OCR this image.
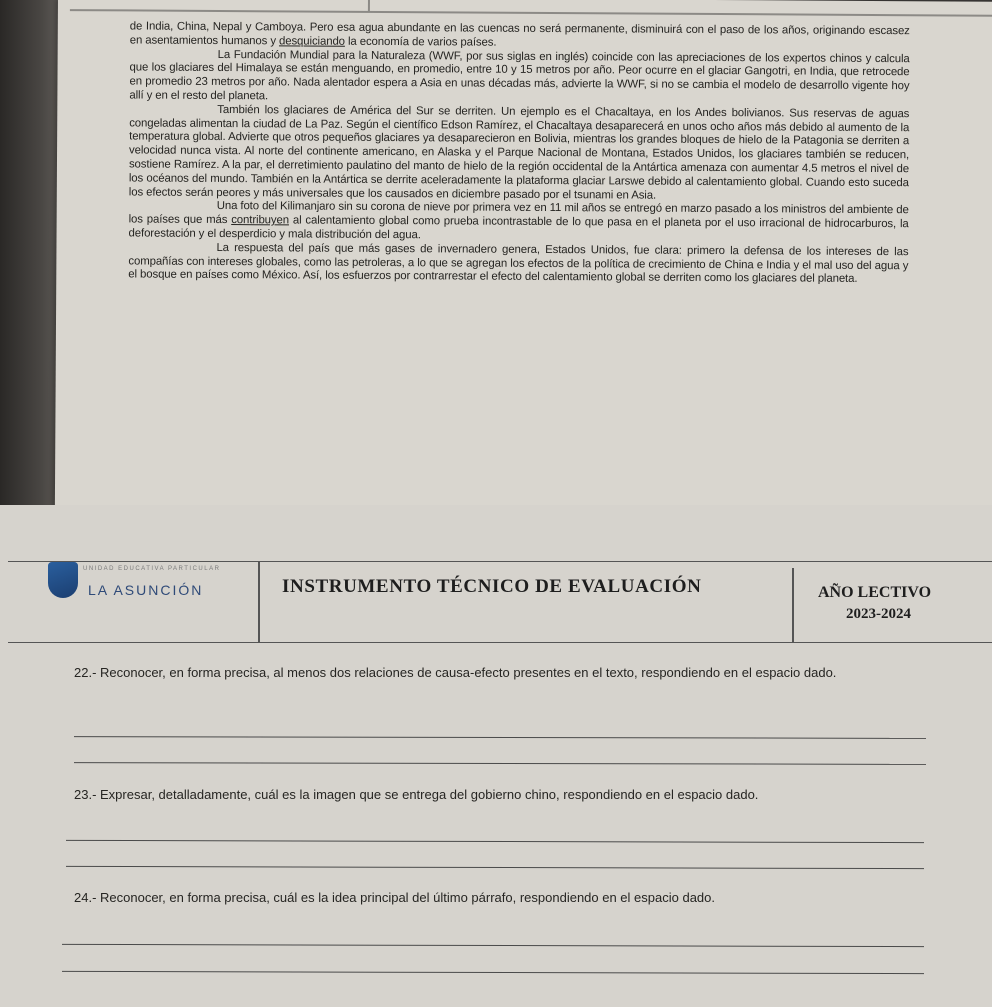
de India, China, Nepal y Camboya. Pero esa agua abundante en las cuencas no será permanente, disminuirá con el paso de los años, originando escasez en asentamientos humanos y desquiciando la economía de varios países.

La Fundación Mundial para la Naturaleza (WWF, por sus siglas en inglés) coincide con las apreciaciones de los expertos chinos y calcula que los glaciares del Himalaya se están menguando, en promedio, entre 10 y 15 metros por año. Peor ocurre en el glaciar Gangotri, en India, que retrocede en promedio 23 metros por año. Nada alentador espera a Asia en unas décadas más, advierte la WWF, si no se cambia el modelo de desarrollo vigente hoy allí y en el resto del planeta.

También los glaciares de América del Sur se derriten. Un ejemplo es el Chacaltaya, en los Andes bolivianos. Sus reservas de aguas congeladas alimentan la ciudad de La Paz. Según el científico Edson Ramírez, el Chacaltaya desaparecerá en unos ocho años más debido al aumento de la temperatura global. Advierte que otros pequeños glaciares ya desaparecieron en Bolivia, mientras los grandes bloques de hielo de la Patagonia se derriten a velocidad nunca vista. Al norte del continente americano, en Alaska y el Parque Nacional de Montana, Estados Unidos, los glaciares también se reducen, sostiene Ramírez. A la par, el derretimiento paulatino del manto de hielo de la región occidental de la Antártica amenaza con aumentar 4.5 metros el nivel de los océanos del mundo. También en la Antártica se derrite aceleradamente la plataforma glaciar Larswe debido al calentamiento global. Cuando esto suceda los efectos serán peores y más universales que los causados en diciembre pasado por el tsunami en Asia.

Una foto del Kilimanjaro sin su corona de nieve por primera vez en 11 mil años se entregó en marzo pasado a los ministros del ambiente de los países que más contribuyen al calentamiento global como prueba incontrastable de lo que pasa en el planeta por el uso irracional de hidrocarburos, la deforestación y el desperdicio y mala distribución del agua.

La respuesta del país que más gases de invernadero genera, Estados Unidos, fue clara: primero la defensa de los intereses de las compañías con intereses globales, como las petroleras, a lo que se agregan los efectos de la política de crecimiento de China e India y el mal uso del agua y el bosque en países como México. Así, los esfuerzos por contrarrestar el efecto del calentamiento global se derriten como los glaciares del planeta.

UNIDAD EDUCATIVA PARTICULAR
LA ASUNCIÓN	INSTRUMENTO TÉCNICO DE EVALUACIÓN	AÑO LECTIVO
2023-2024
22.- Reconocer, en forma precisa, al menos dos relaciones de causa-efecto presentes en el texto, respondiendo en el espacio dado.
23.- Expresar, detalladamente, cuál es la imagen que se entrega del gobierno chino, respondiendo en el espacio dado.
24.- Reconocer, en forma precisa, cuál es la idea principal del último párrafo, respondiendo en el espacio dado.
